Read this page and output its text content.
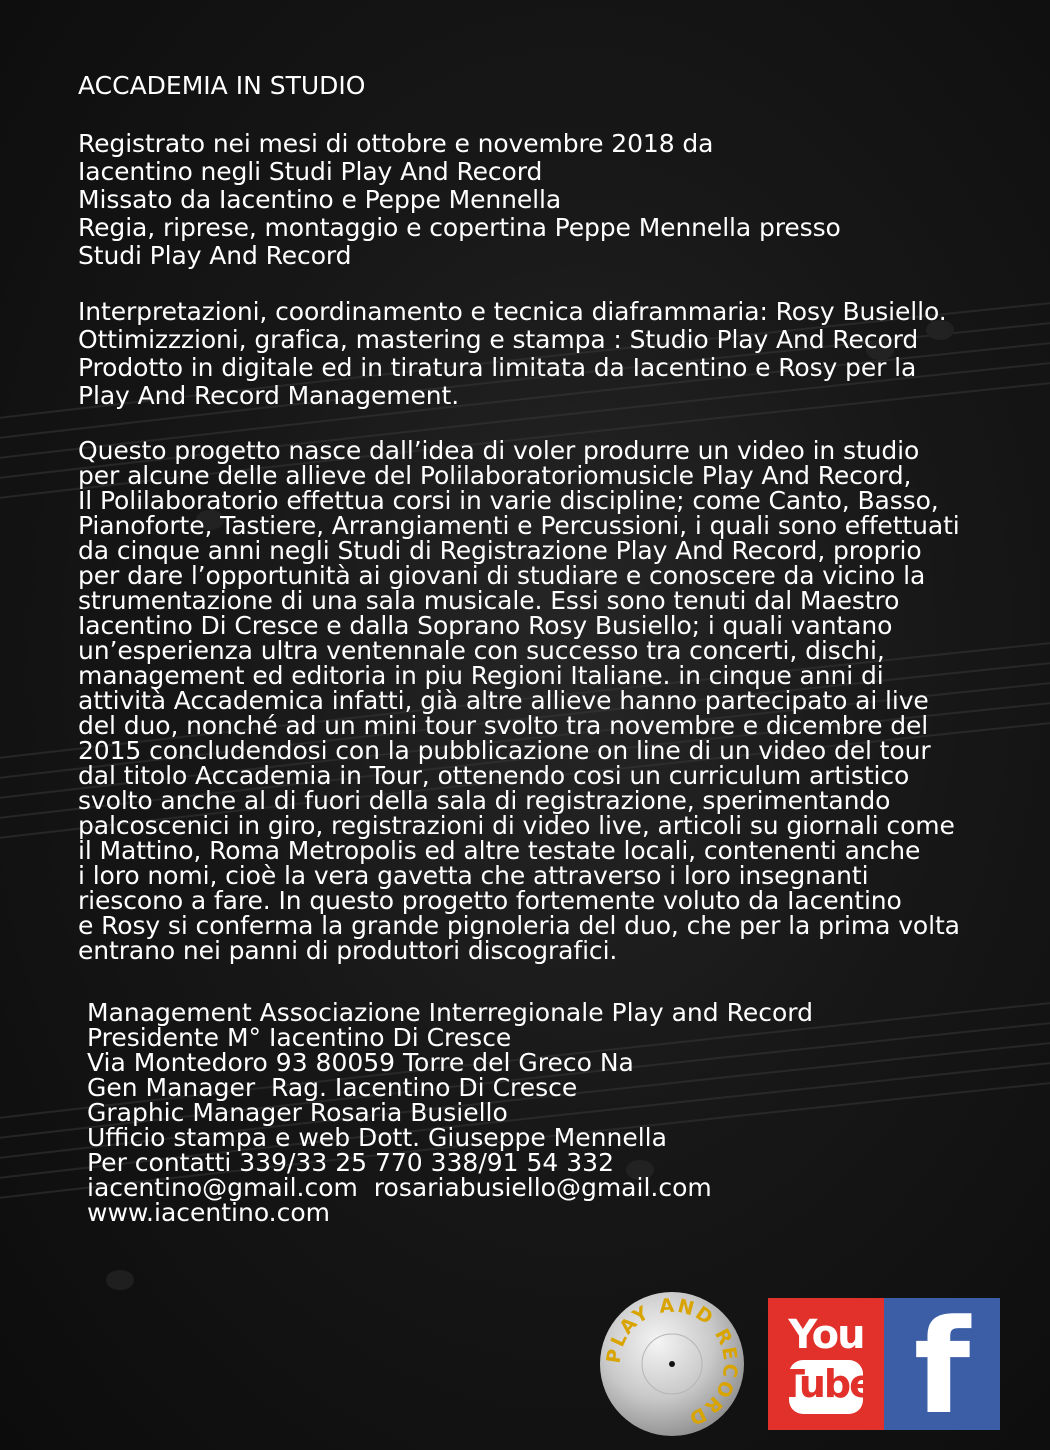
ACCADEMIA IN STUDIO
Registrato nei mesi di ottobre e novembre 2018 da
Iacentino negli Studi Play And Record
Missato da Iacentino e Peppe Mennella
Regia, riprese, montaggio e copertina Peppe Mennella presso
Studi Play And Record
Interpretazioni, coordinamento e tecnica diaframmaria: Rosy Busiello.
Ottimizzzioni, grafica, mastering e stampa : Studio Play And Record
Prodotto in digitale ed in tiratura limitata da Iacentino e Rosy per la
Play And Record Management.
Questo progetto nasce dall’idea di voler produrre un video in studio
per alcune delle allieve del Polilaboratoriomusicle Play And Record,
Il Polilaboratorio effettua corsi in varie discipline; come Canto, Basso,
Pianoforte, Tastiere, Arrangiamenti e Percussioni, i quali sono effettuati
da cinque anni negli Studi di Registrazione Play And Record, proprio
per dare l’opportunità ai giovani di studiare e conoscere da vicino la
strumentazione di una sala musicale. Essi sono tenuti dal Maestro
Iacentino Di Cresce e dalla Soprano Rosy Busiello; i quali vantano
un’esperienza ultra ventennale con successo tra concerti, dischi,
management ed editoria in piu Regioni Italiane. in cinque anni di
attività Accademica infatti, già altre allieve hanno partecipato ai live
del duo, nonché ad un mini tour svolto tra novembre e dicembre del
2015 concludendosi con la pubblicazione on line di un video del tour
dal titolo Accademia in Tour, ottenendo cosi un curriculum artistico
svolto anche al di fuori della sala di registrazione, sperimentando
palcoscenici in giro, registrazioni di video live, articoli su giornali come
il Mattino, Roma Metropolis ed altre testate locali, contenenti anche
i loro nomi, cioè la vera gavetta che attraverso i loro insegnanti
riescono a fare. In questo progetto fortemente voluto da Iacentino
e Rosy si conferma la grande pignoleria del duo, che per la prima volta
entrano nei panni di produttori discografici.
Management Associazione Interregionale Play and Record
Presidente M° Iacentino Di Cresce
Via Montedoro 93 80059 Torre del Greco Na
Gen Manager  Rag. Iacentino Di Cresce
Graphic Manager Rosaria Busiello
Ufficio stampa e web Dott. Giuseppe Mennella
Per contatti 339/33 25 770 338/91 54 332
iacentino@gmail.com  rosariabusiello@gmail.com
www.iacentino.com
PLAY AND RECORD
You
Tube f
